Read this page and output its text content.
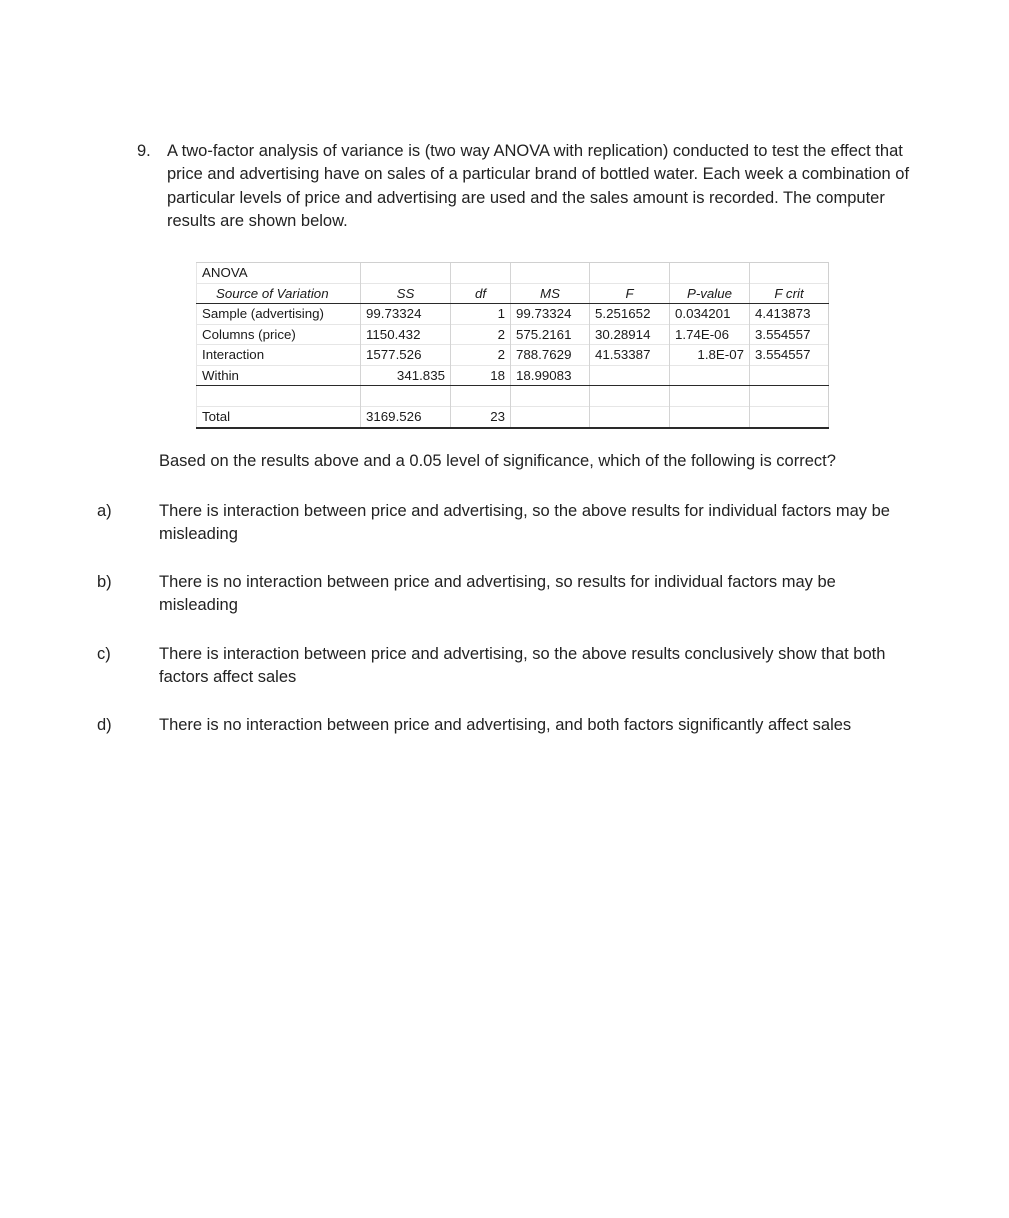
9. A two-factor analysis of variance is (two way ANOVA with replication) conducted to test the effect that price and advertising have on sales of a particular brand of bottled water. Each week a combination of particular levels of price and advertising are used and the sales amount is recorded. The computer results are shown below.
ANOVA						
Source of Variation	SS	df	MS	F	P-value	F crit
Sample (advertising)	99.73324	1	99.73324	5.251652	0.034201	4.413873
Columns (price)	1150.432	2	575.2161	30.28914	1.74E-06	3.554557
Interaction	1577.526	2	788.7629	41.53387	1.8E-07	3.554557
Within	341.835	18	18.99083			

Total	3169.526	23				
Based on the results above and a 0.05 level of significance, which of the following is correct?
a)	There is interaction between price and advertising, so the above results for individual factors may be misleading
b)	There is no interaction between price and advertising, so results for individual factors may be misleading
c)	There is interaction between price and advertising, so the above results conclusively show that both factors affect sales
d)	There is no interaction between price and advertising, and both factors significantly affect sales
